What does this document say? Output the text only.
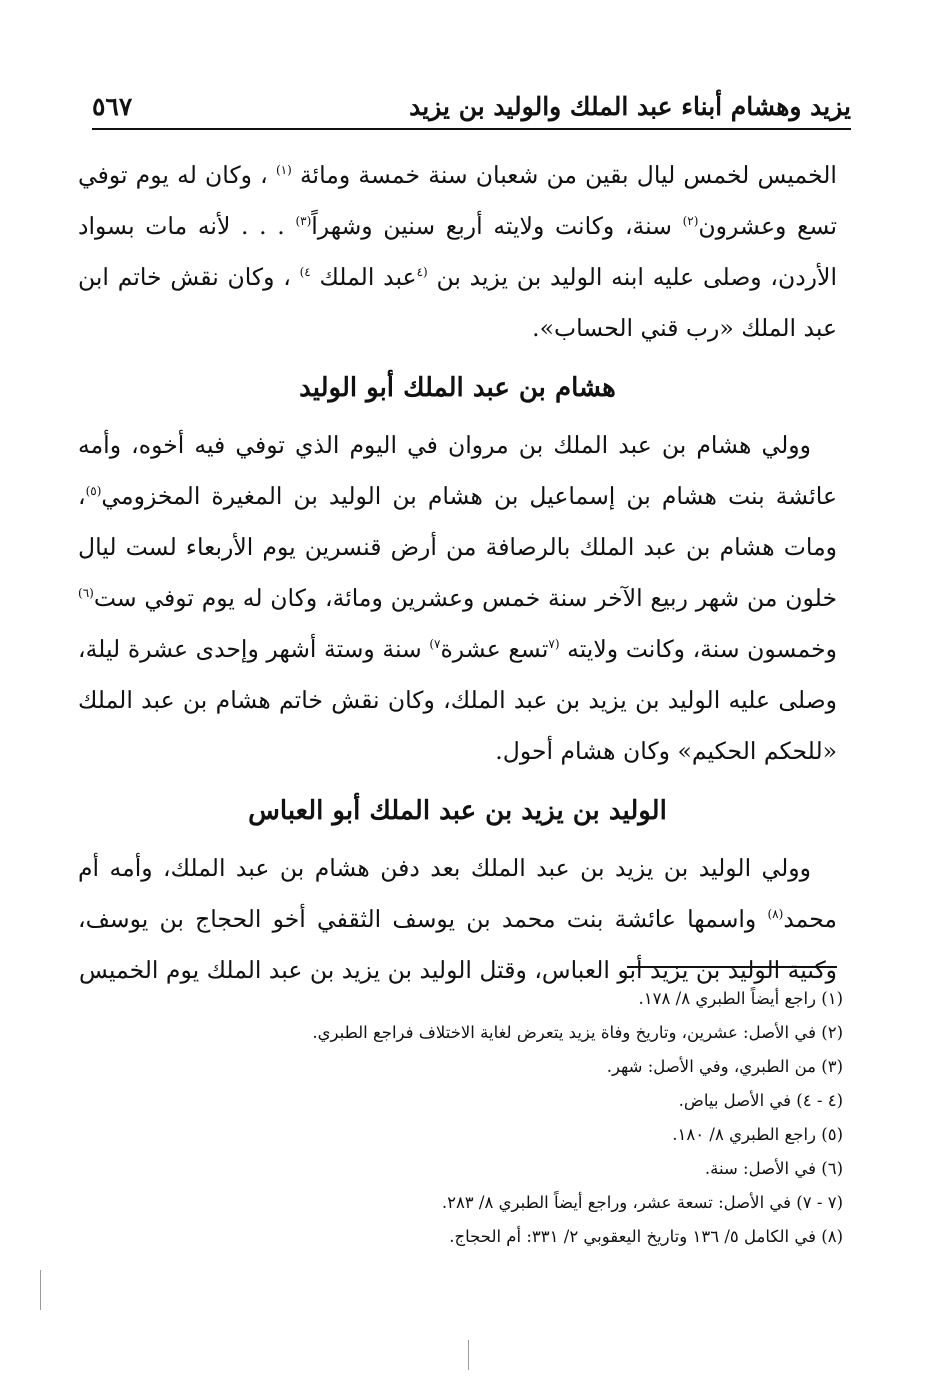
يزيد وهشام أبناء عبد الملك والوليد بن يزيد
٥٦٧

الخميس لخمس ليال بقين من شعبان سنة خمسة ومائة $^{(١)}$ ، وكان له يوم توفي تسع وعشرون$^{(٢)}$ سنة، وكانت ولايته أربع سنين وشهراً$^{(٣)}$ . . . لأنه مات بسواد الأردن، وصلى عليه ابنه الوليد بن يزيد بن $^{(٤}$عبد الملك $^{٤)}$ ، وكان نقش خاتم ابن عبد الملك «رب قني الحساب».

هشام بن عبد الملك أبو الوليد

وولي هشام بن عبد الملك بن مروان في اليوم الذي توفي فيه أخوه، وأمه عائشة بنت هشام بن إسماعيل بن هشام بن الوليد بن المغيرة المخزومي$^{(٥)}$، ومات هشام بن عبد الملك بالرصافة من أرض قنسرين يوم الأربعاء لست ليال خلون من شهر ربيع الآخر سنة خمس وعشرين ومائة، وكان له يوم توفي ست$^{(٦)}$ وخمسون سنة، وكانت ولايته $^{(٧}$تسع عشرة$^{٧)}$ سنة وستة أشهر وإحدى عشرة ليلة، وصلى عليه الوليد بن يزيد بن عبد الملك، وكان نقش خاتم هشام بن عبد الملك «للحكم الحكيم» وكان هشام أحول.

الوليد بن يزيد بن عبد الملك أبو العباس

وولي الوليد بن يزيد بن عبد الملك بعد دفن هشام بن عبد الملك، وأمه أم محمد$^{(٨)}$ واسمها عائشة بنت محمد بن يوسف الثقفي أخو الحجاج بن يوسف، وكنية الوليد بن يزيد أبو العباس، وقتل الوليد بن يزيد بن عبد الملك يوم الخميس

(١) راجع أيضاً الطبري ٨/ ١٧٨.

(٢) في الأصل: عشرين، وتاريخ وفاة يزيد يتعرض لغاية الاختلاف فراجع الطبري.

(٣) من الطبري، وفي الأصل: شهر.

(٤ - ٤) في الأصل بياض.

(٥) راجع الطبري ٨/ ١٨٠.

(٦) في الأصل: سنة.

(٧ - ٧) في الأصل: تسعة عشر، وراجع أيضاً الطبري ٨/ ٢٨٣.

(٨) في الكامل ٥/ ١٣٦ وتاريخ اليعقوبي ٢/ ٣٣١: أم الحجاج.
